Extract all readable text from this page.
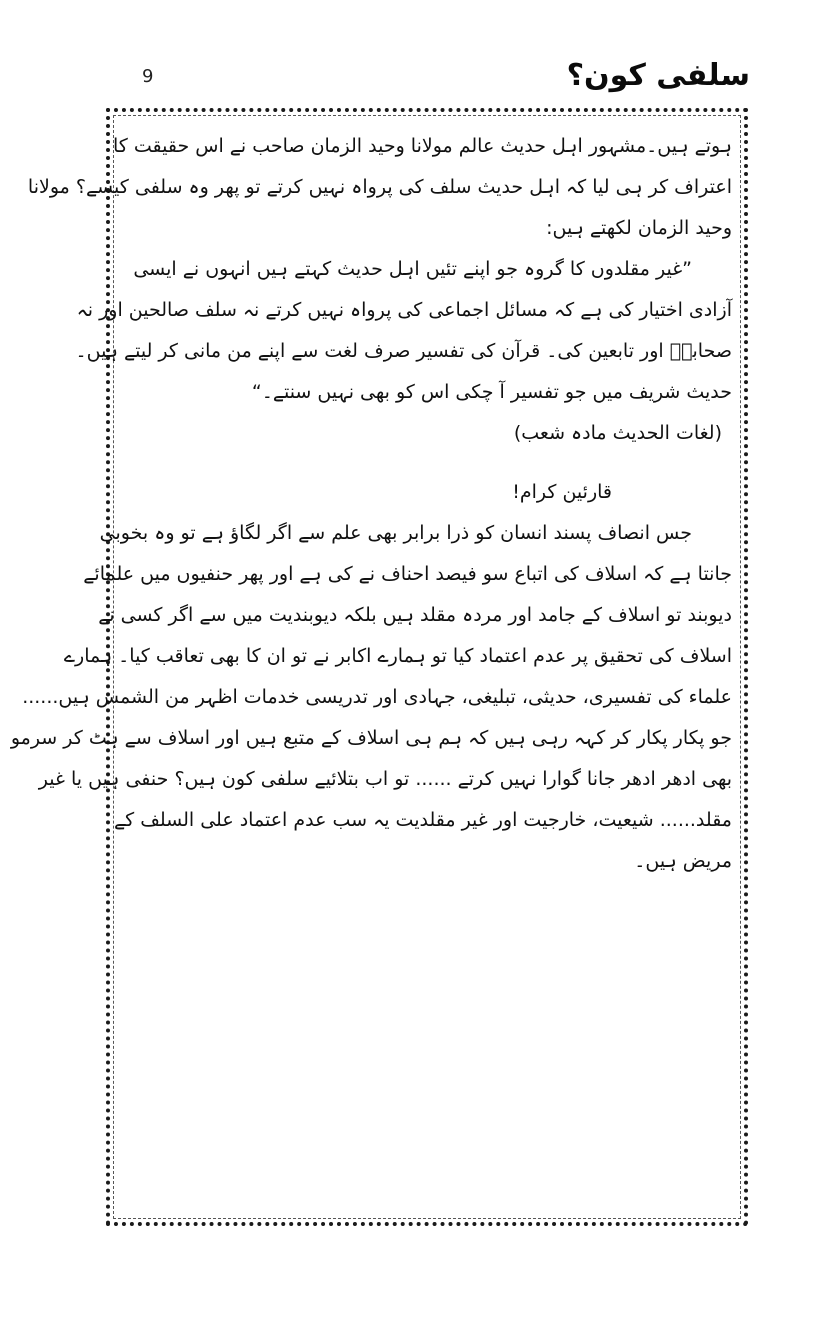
9	سلفی کون؟
ہوتے ہیں۔مشہور اہل حدیث عالم مولانا وحید الزمان صاحب نے اس حقیقت کا
اعتراف کر ہی لیا کہ اہل حدیث سلف کی پرواہ نہیں کرتے تو پھر وہ سلفی کیسے؟ مولانا
وحید الزمان لکھتے ہیں:
”غیر مقلدوں کا گروہ جو اپنے تئیں اہل حدیث کہتے ہیں انہوں نے ایسی
آزادی اختیار کی ہے کہ مسائل اجماعی کی پرواہ نہیں کرتے نہ سلف صالحین اور نہ
صحابہؓ اور تابعین کی۔ قرآن کی تفسیر صرف لغت سے اپنے من مانی کر لیتے ہیں۔
حدیث شریف میں جو تفسیر آ چکی اس کو بھی نہیں سنتے۔“
(لغات الحدیث مادہ شعب)
قارئین کرام!
جس انصاف پسند انسان کو ذرا برابر بھی علم سے اگر لگاؤ ہے تو وہ بخوبی
جانتا ہے کہ اسلاف کی اتباع سو فیصد احناف نے کی ہے اور پھر حنفیوں میں علمائے
دیوبند تو اسلاف کے جامد اور مردہ مقلد ہیں بلکہ دیوبندیت میں سے اگر کسی نے
اسلاف کی تحقیق پر عدم اعتماد کیا تو ہمارے اکابر نے تو ان کا بھی تعاقب کیا۔ ہمارے
علماء کی تفسیری، حدیثی، تبلیغی، جہادی اور تدریسی خدمات اظہر من الشمس ہیں......
جو پکار پکار کر کہہ رہی ہیں کہ ہم ہی اسلاف کے متبع ہیں اور اسلاف سے ہٹ کر سرمو
بھی ادھر ادھر جانا گوارا نہیں کرتے ...... تو اب بتلائیے سلفی کون ہیں؟ حنفی ہیں یا غیر
مقلد...... شیعیت، خارجیت اور غیر مقلدیت یہ سب عدم اعتماد علی السلف کے
مریض ہیں۔
